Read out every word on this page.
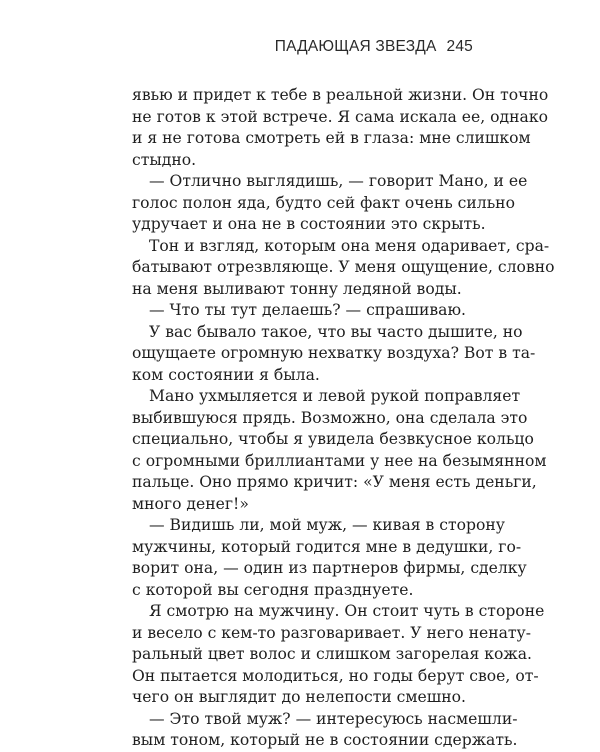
ПАДАЮЩАЯ ЗВЕЗДА 245
явью и придет к тебе в реальной жизни. Он точно
не готов к этой встрече. Я сама искала ее, однако
и я не готова смотреть ей в глаза: мне слишком
стыдно.
— Отлично выглядишь, — говорит Мано, и ее
голос полон яда, будто сей факт очень сильно
удручает и она не в состоянии это скрыть.
Тон и взгляд, которым она меня одаривает, сра-
батывают отрезвляюще. У меня ощущение, словно
на меня выливают тонну ледяной воды.
— Что ты тут делаешь? — спрашиваю.
У вас бывало такое, что вы часто дышите, но
ощущаете огромную нехватку воздуха? Вот в та-
ком состоянии я была.
Мано ухмыляется и левой рукой поправляет
выбившуюся прядь. Возможно, она сделала это
специально, чтобы я увидела безвкусное кольцо
с огромными бриллиантами у нее на безымянном
пальце. Оно прямо кричит: «У меня есть деньги,
много денег!»
— Видишь ли, мой муж, — кивая в сторону
мужчины, который годится мне в дедушки, го-
ворит она, — один из партнеров фирмы, сделку
с которой вы сегодня празднуете.
Я смотрю на мужчину. Он стоит чуть в стороне
и весело с кем-то разговаривает. У него ненату-
ральный цвет волос и слишком загорелая кожа.
Он пытается молодиться, но годы берут свое, от-
чего он выглядит до нелепости смешно.
— Это твой муж? — интересуюсь насмешли-
вым тоном, который не в состоянии сдержать.
